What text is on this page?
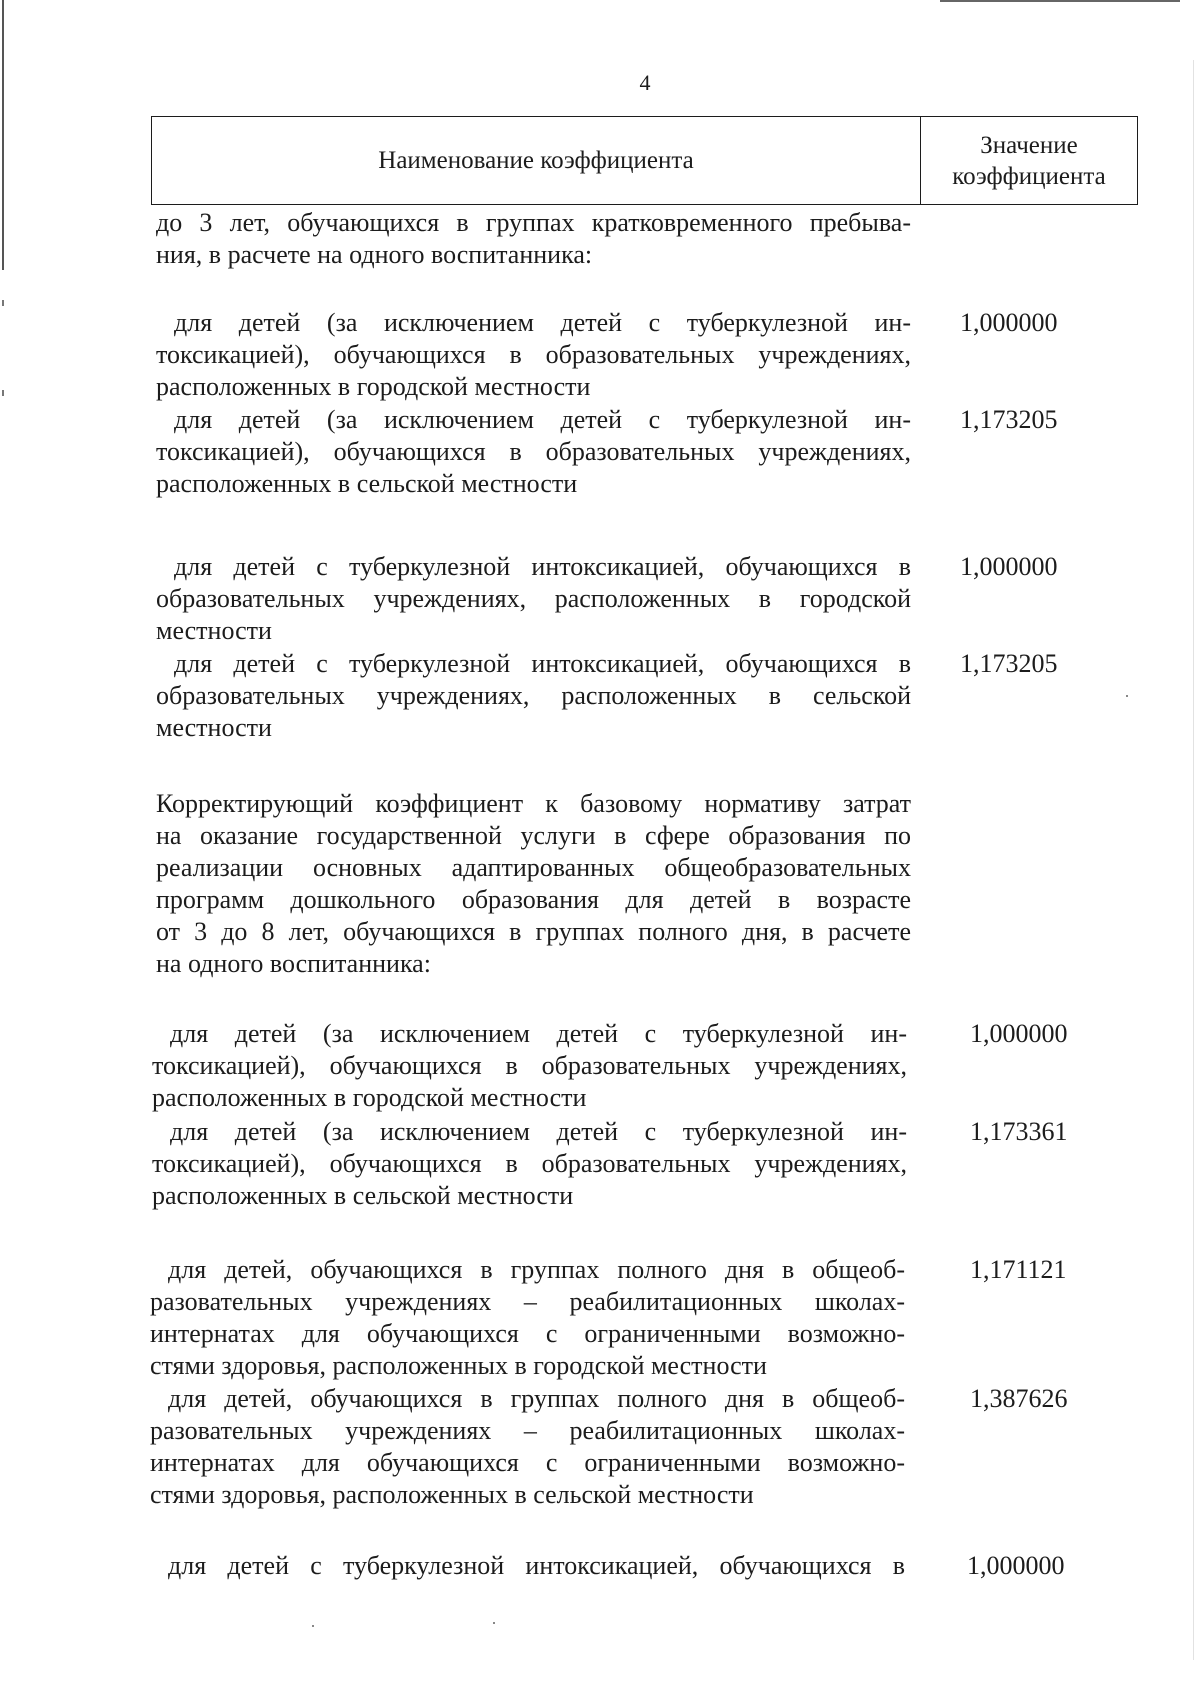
4
Наименование коэффициента
Значение
коэффициента
до 3 лет, обучающихся в группах кратковременного пребыва-
ния, в расчете на одного воспитанника:
для детей (за исключением детей с туберкулезной ин-
токсикацией), обучающихся в образовательных учреждениях,
расположенных в городской местности
1,000000
для детей (за исключением детей с туберкулезной ин-
токсикацией), обучающихся в образовательных учреждениях,
расположенных в сельской местности
1,173205
для детей с туберкулезной интоксикацией, обучающихся в
образовательных учреждениях, расположенных в городской
местности
1,000000
для детей с туберкулезной интоксикацией, обучающихся в
образовательных учреждениях, расположенных в сельской
местности
1,173205
Корректирующий коэффициент к базовому нормативу затрат
на оказание государственной услуги в сфере образования по
реализации основных адаптированных общеобразовательных
программ дошкольного образования для детей в возрасте
от 3 до 8 лет, обучающихся в группах полного дня, в расчете
на одного воспитанника:
для детей (за исключением детей с туберкулезной ин-
токсикацией), обучающихся в образовательных учреждениях,
расположенных в городской местности
1,000000
для детей (за исключением детей с туберкулезной ин-
токсикацией), обучающихся в образовательных учреждениях,
расположенных в сельской местности
1,173361
для детей, обучающихся в группах полного дня в общеоб-
разовательных учреждениях – реабилитационных школах-
интернатах для обучающихся с ограниченными возможно-
стями здоровья, расположенных в городской местности
1,171121
для детей, обучающихся в группах полного дня в общеоб-
разовательных учреждениях – реабилитационных школах-
интернатах для обучающихся с ограниченными возможно-
стями здоровья, расположенных в сельской местности
1,387626
для детей с туберкулезной интоксикацией, обучающихся в 1,000000
